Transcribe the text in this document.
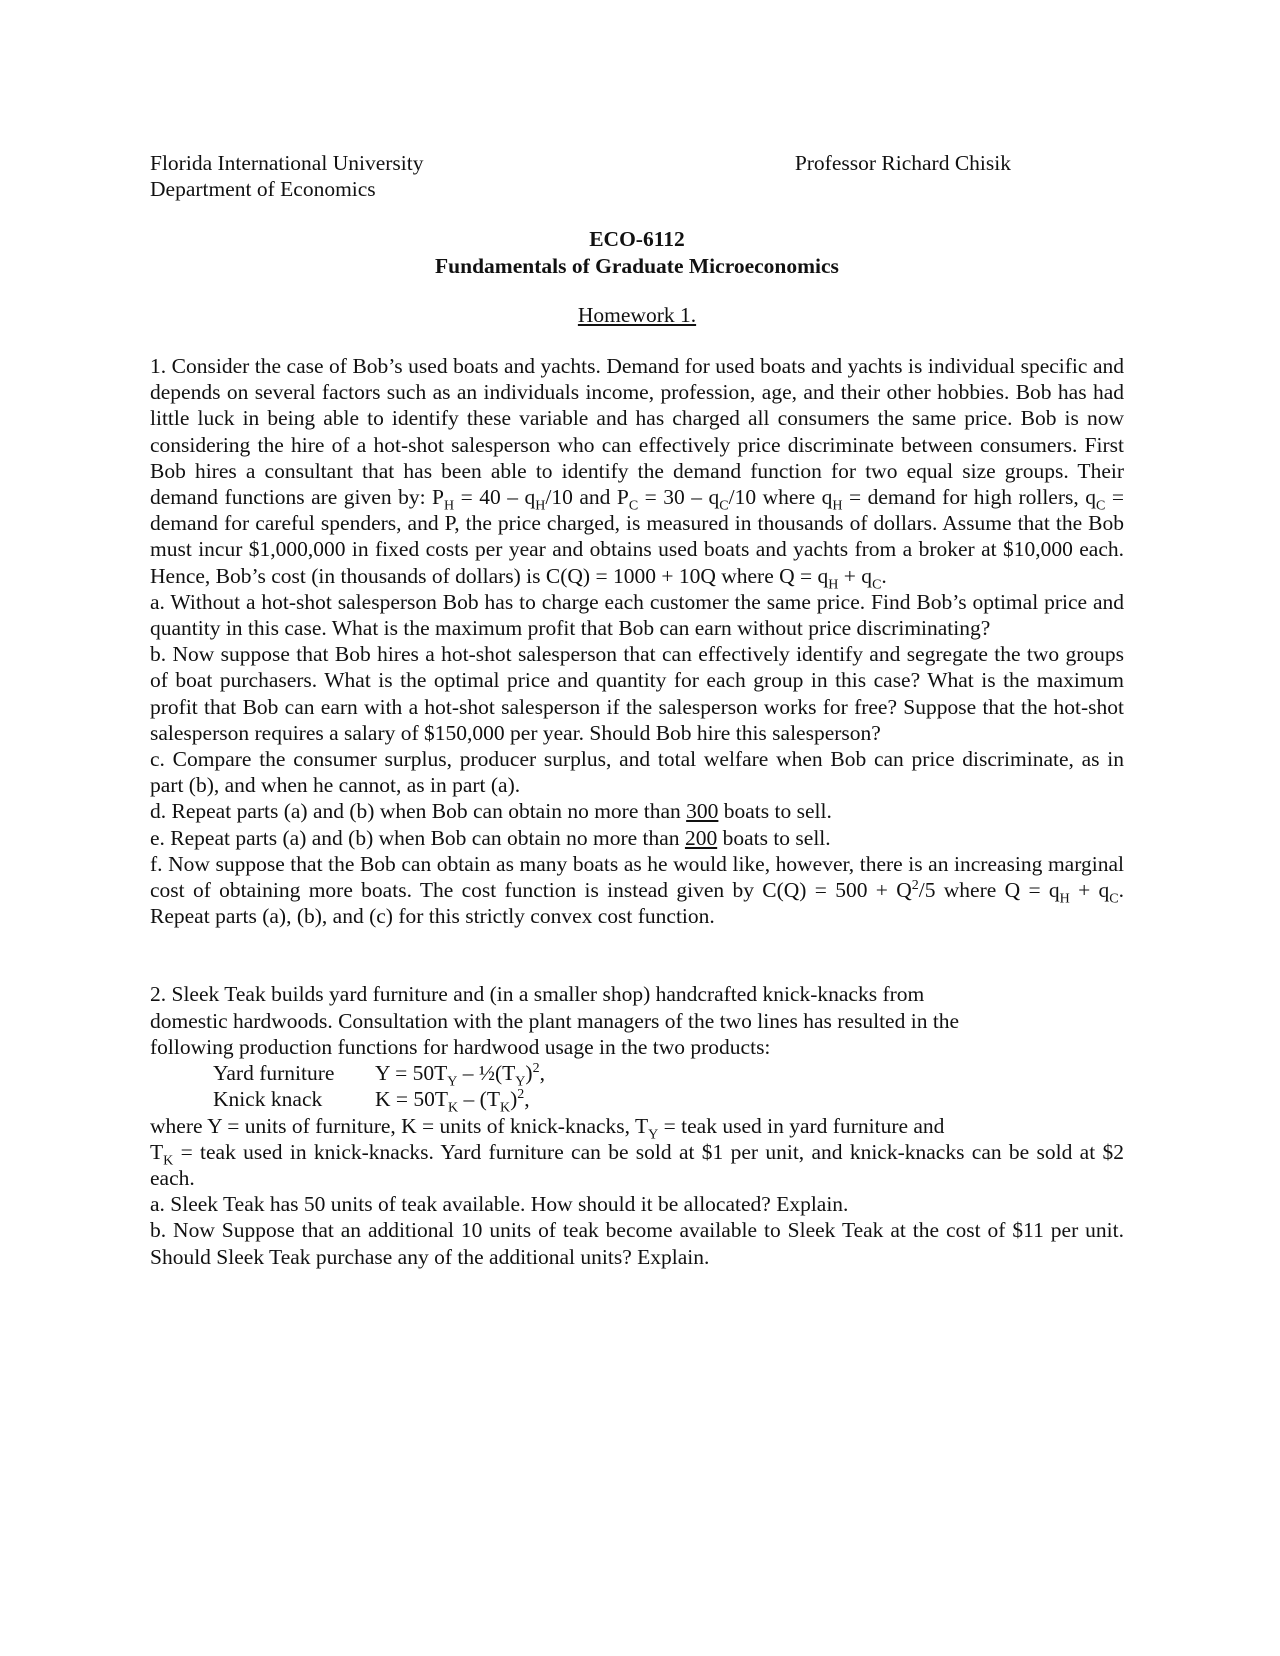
Florida International University
Department of Economics
Professor Richard Chisik
ECO-6112
Fundamentals of Graduate Microeconomics
Homework 1.

1. Consider the case of Bob’s used boats and yachts. Demand for used boats and yachts is individual specific and depends on several factors such as an individuals income, profession, age, and their other hobbies. Bob has had little luck in being able to identify these variable and has charged all consumers the same price. Bob is now considering the hire of a hot-shot salesperson who can effectively price discriminate between consumers. First Bob hires a consultant that has been able to identify the demand function for two equal size groups. Their demand functions are given by: $P_H = 40 - q_H/10$ and $P_C = 30 - q_C/10$ where $q_H$ = demand for high rollers, $q_C$ = demand for careful spenders, and P, the price charged, is measured in thousands of dollars. Assume that the Bob must incur $1,000,000 in fixed costs per year and obtains used boats and yachts from a broker at $10,000 each. Hence, Bob’s cost (in thousands of dollars) is C(Q) = 1000 + 10Q where $Q = q_H + q_C$.

a. Without a hot-shot salesperson Bob has to charge each customer the same price. Find Bob’s optimal price and quantity in this case. What is the maximum profit that Bob can earn without price discriminating?

b. Now suppose that Bob hires a hot-shot salesperson that can effectively identify and segregate the two groups of boat purchasers. What is the optimal price and quantity for each group in this case? What is the maximum profit that Bob can earn with a hot-shot salesperson if the salesperson works for free? Suppose that the hot-shot salesperson requires a salary of $150,000 per year. Should Bob hire this salesperson?

c. Compare the consumer surplus, producer surplus, and total welfare when Bob can price discriminate, as in part (b), and when he cannot, as in part (a).

d. Repeat parts (a) and (b) when Bob can obtain no more than 300 boats to sell.

e. Repeat parts (a) and (b) when Bob can obtain no more than 200 boats to sell.

f. Now suppose that the Bob can obtain as many boats as he would like, however, there is an increasing marginal cost of obtaining more boats. The cost function is instead given by $C(Q) = 500 + Q^2/5$ where $Q = q_H + q_C$. Repeat parts (a), (b), and (c) for this strictly convex cost function.

2. Sleek Teak builds yard furniture and (in a smaller shop) handcrafted knick-knacks from domestic hardwoods. Consultation with the plant managers of the two lines has resulted in the following production functions for hardwood usage in the two products:

Yard furniture	$Y = 50T_Y$ – $\frac{1}{2}(T_Y)^2$,
Knick knack	$K = 50T_K - (T_K)^2$,

where Y = units of furniture, K = units of knick-knacks, $T_Y$ = teak used in yard furniture and

$T_K$ = teak used in knick-knacks. Yard furniture can be sold at $1 per unit, and knick-knacks can be sold at $2 each.

a. Sleek Teak has 50 units of teak available. How should it be allocated? Explain.

b. Now Suppose that an additional 10 units of teak become available to Sleek Teak at the cost of $11 per unit. Should Sleek Teak purchase any of the additional units? Explain.
